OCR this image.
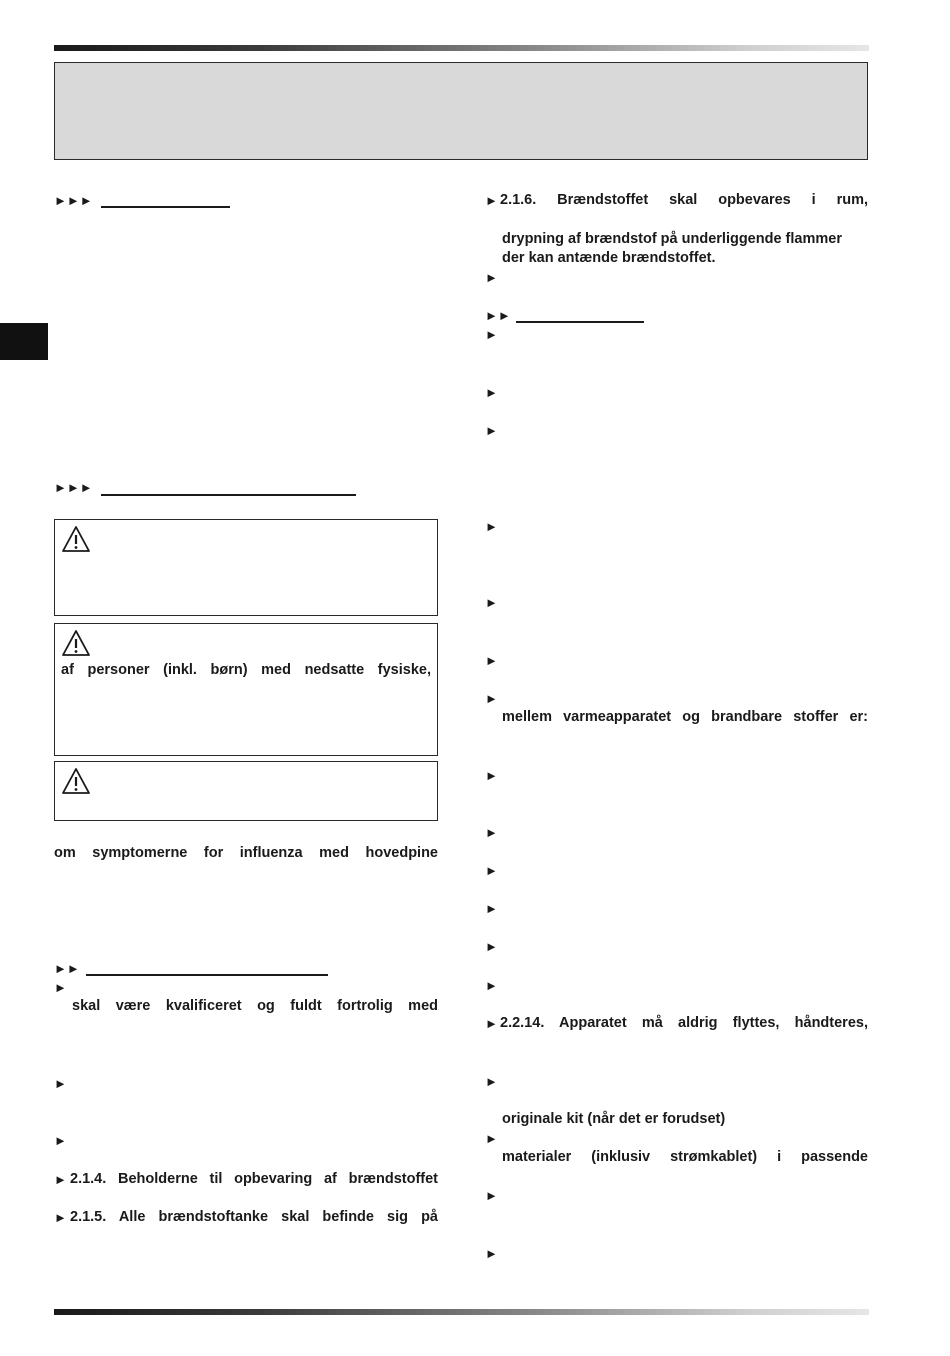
►►►
►►►
af personer (inkl. børn) med nedsatte fysiske,
om symptomerne for influenza med hovedpine
►►
►
skal være kvalificeret og fuldt fortrolig med
►
►
► 2.1.4. Beholderne til opbevaring af brændstoffet
► 2.1.5. Alle brændstoftanke skal befinde sig på
► 2.1.6. Brændstoffet skal opbevares i rum,
drypning af brændstof på underliggende flammer
der kan antænde brændstoffet.
►
►►
►
►
►
►
►
►
►
mellem varmeapparatet og brandbare stoffer er:
►
►
►
►
►
►
► 2.2.14. Apparatet må aldrig flyttes, håndteres,
►
originale kit (når det er forudset)
►
materialer (inklusiv strømkablet) i passende
►
►
